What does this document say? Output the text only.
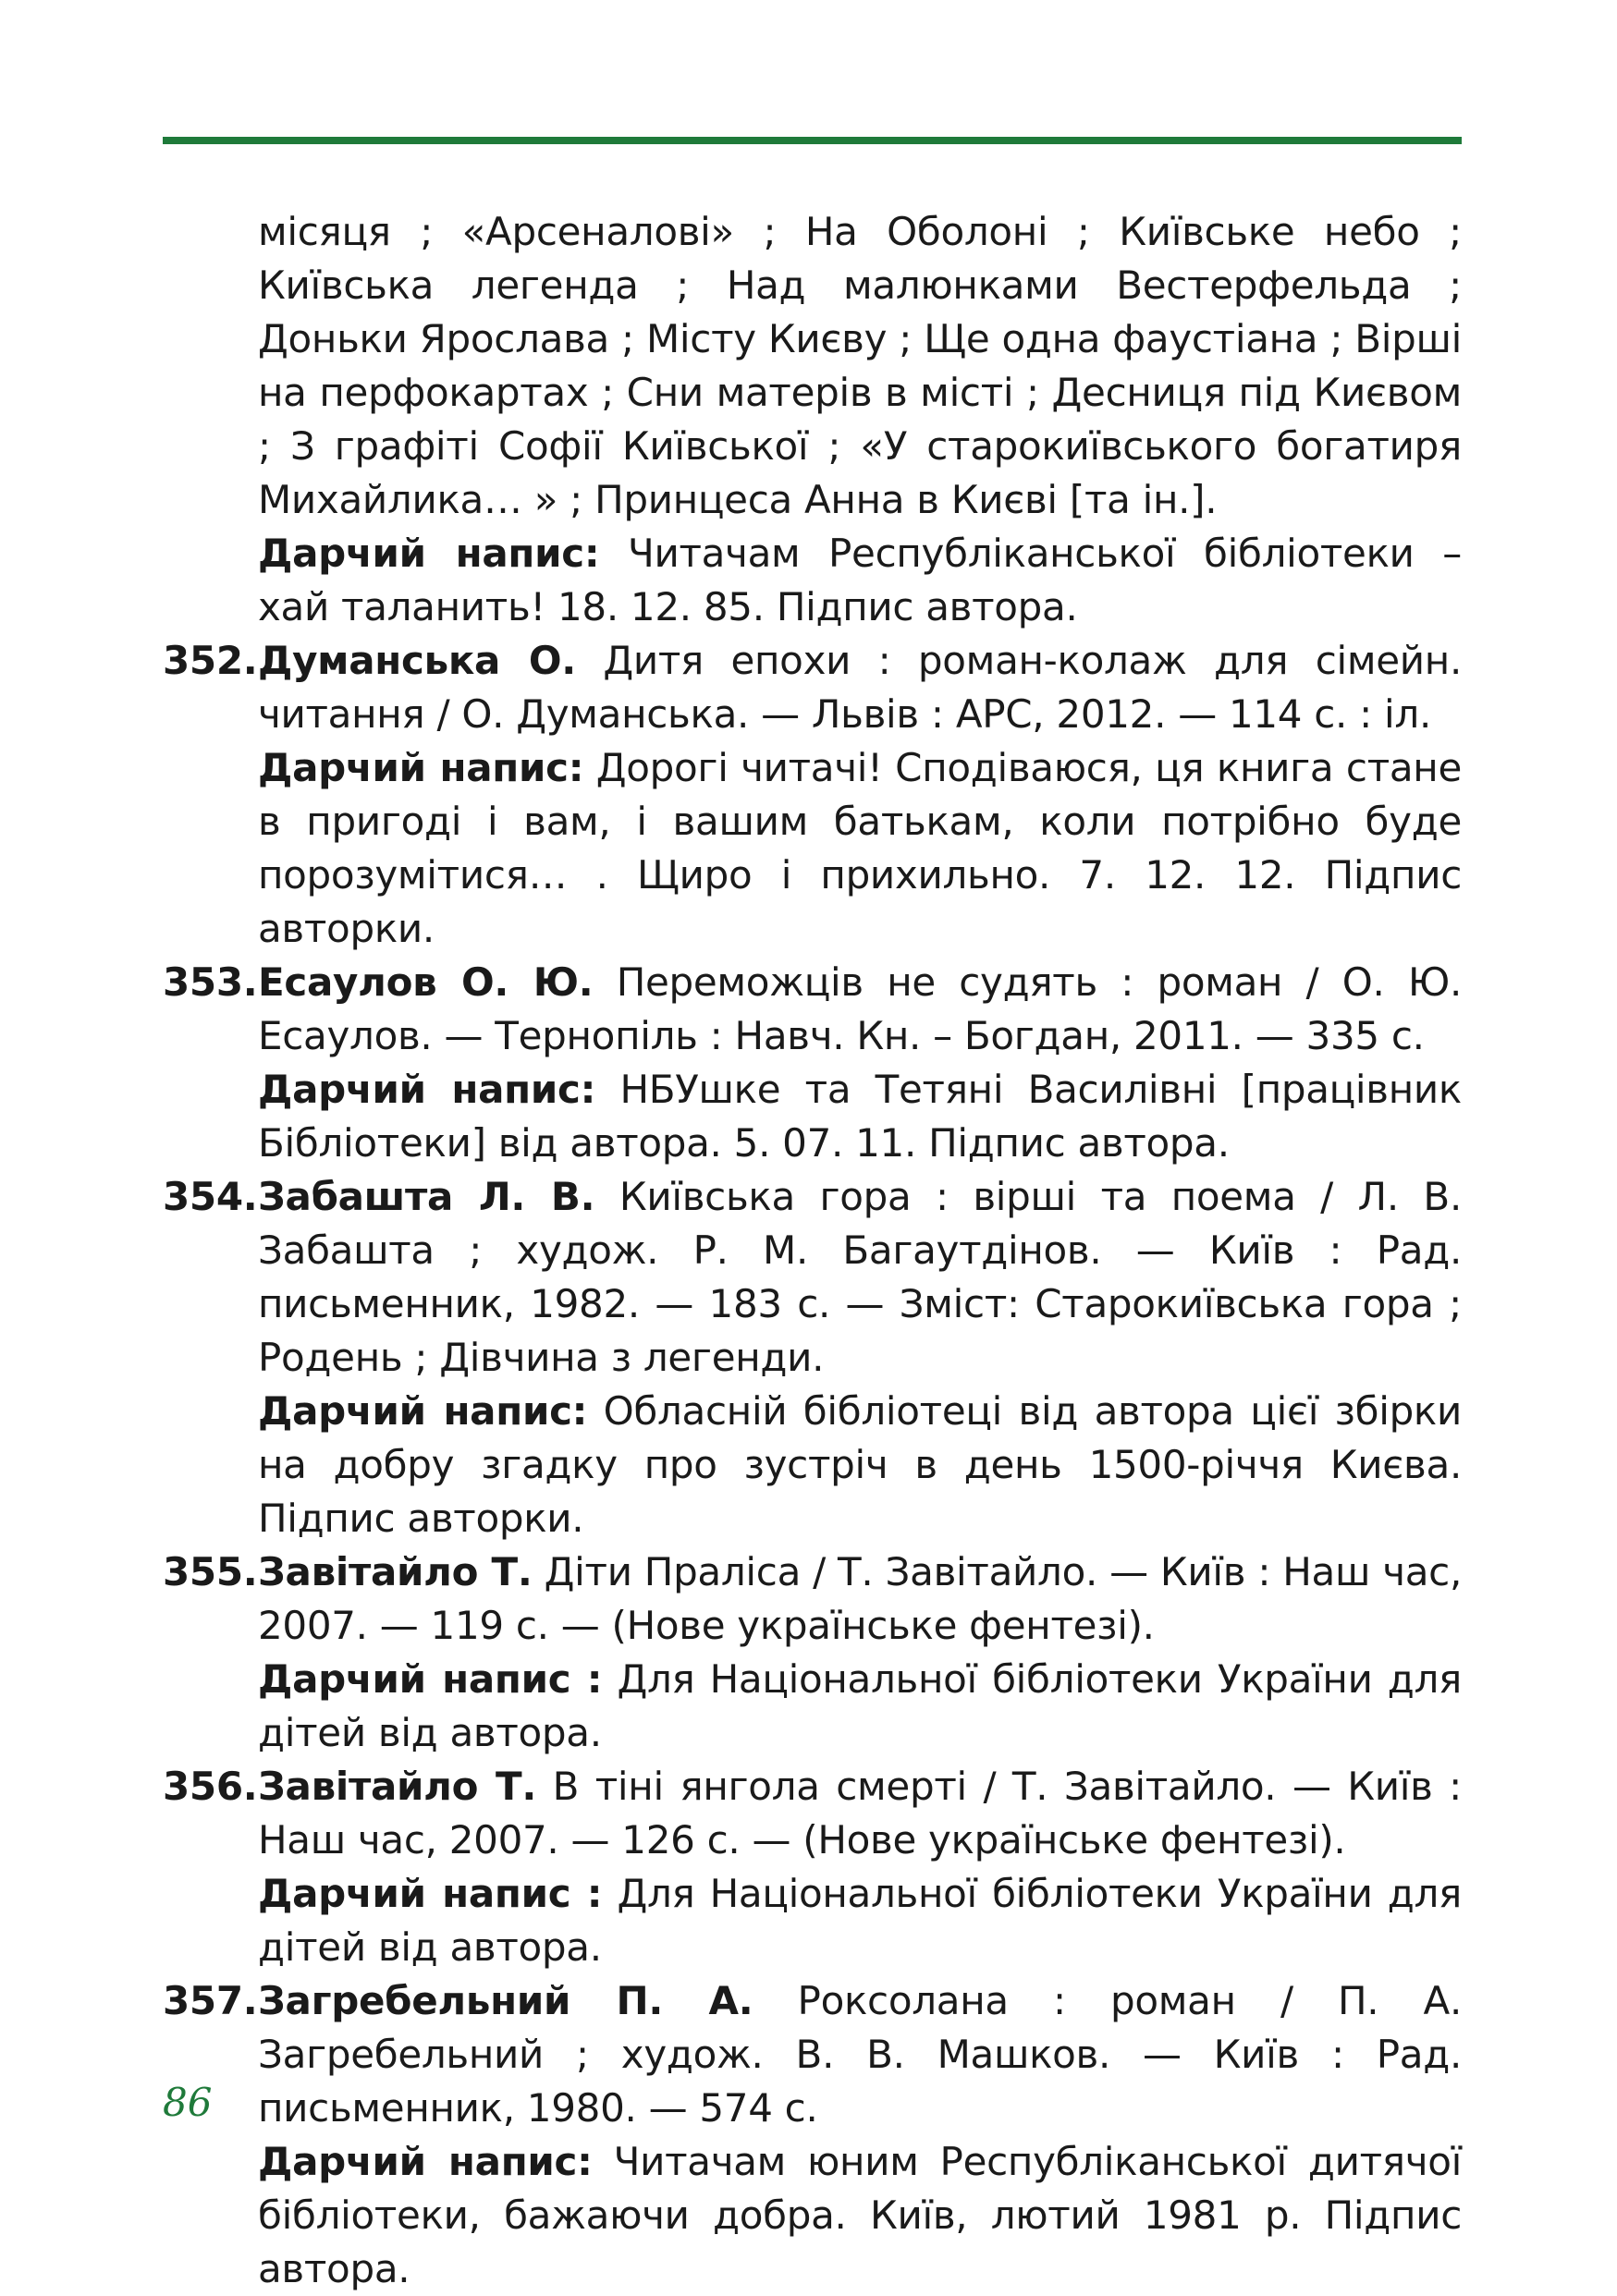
місяця ; «Арсеналові» ; На Оболоні ; Київське небо ; Київська легенда ; Над малюнками Вестерфельда ; Доньки Ярослава ; Місту Києву ; Ще одна фаустіана ; Вірші на перфокартах ; Сни матерів в місті ; Десниця під Києвом ; З графіті Софії Київської ; «У старокиївського богатиря Михайлика… » ; Принцеса Анна в Києві [та ін.].

Дарчий напис: Читачам Республіканської бібліотеки – хай таланить! 18. 12. 85. Підпис автора.

352. Думанська О. Дитя епохи : роман-колаж для сімейн. читання / О. Думанська. — Львів : АРС, 2012. — 114 с. : іл.

Дарчий напис: Дорогі читачі! Сподіваюся, ця книга стане в пригоді і вам, і вашим батькам, коли потрібно буде порозумітися… . Щиро і прихильно. 7. 12. 12. Підпис авторки.

353. Есаулов О. Ю. Переможців не судять : роман / О. Ю. Есаулов. — Тернопіль : Навч. Кн. – Богдан, 2011. — 335 с.

Дарчий напис: НБУшке та Тетяні Василівні [працівник Бібліотеки] від автора. 5. 07. 11. Підпис автора.

354. Забашта Л. В. Київська гора : вірші та поема / Л. В. Забашта ; худож. Р. М. Багаутдінов. — Київ : Рад. письменник, 1982. — 183 с. — Зміст: Старокиївська гора ; Родень ; Дівчина з легенди.

Дарчий напис: Обласній бібліотеці від автора цієї збірки на добру згадку про зустріч в день 1500-річчя Києва. Підпис авторки.

355. Завітайло Т. Діти Праліса / Т. Завітайло. — Київ : Наш час, 2007. — 119 с. — (Нове українське фентезі).

Дарчий напис : Для Національної бібліотеки України для дітей від автора.

356. Завітайло Т. В тіні янгола смерті / Т. Завітайло. — Київ : Наш час, 2007. — 126 с. — (Нове українське фентезі).

Дарчий напис : Для Національної бібліотеки України для дітей від автора.

357. Загребельний П. А. Роксолана : роман / П. А. Загребельний ; худож. В. В. Машков. — Київ : Рад. письменник, 1980. — 574 с.

Дарчий напис: Читачам юним Республіканської дитячої бібліотеки, бажаючи добра. Київ, лютий 1981 р. Підпис автора.

86
